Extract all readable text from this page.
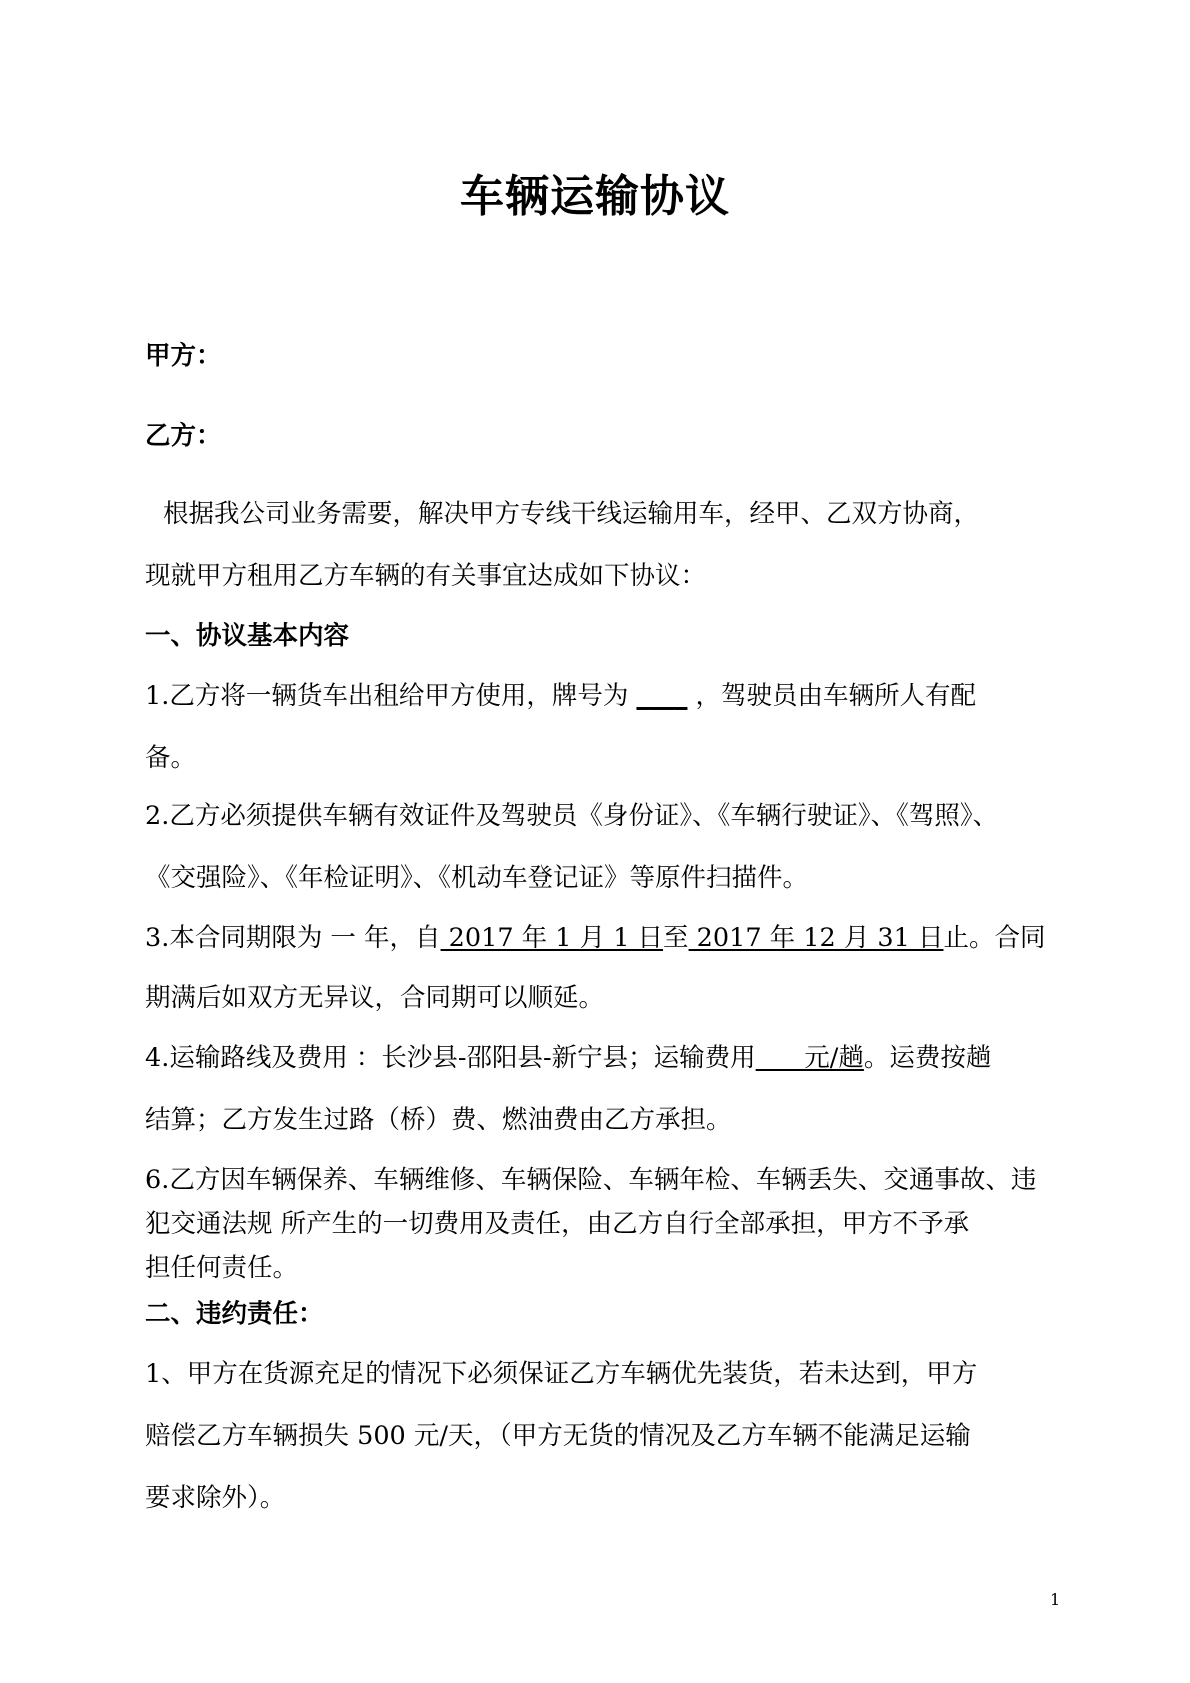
车辆运输协议
甲方：
乙方：
根据我公司业务需要，解决甲方专线干线运输用车，经甲、乙双方协商，
现就甲方租用乙方车辆的有关事宜达成如下协议：
一、协议基本内容
1.乙方将一辆货车出租给甲方使用，牌号为 ____ ，驾驶员由车辆所人有配
备。
2.乙方必须提供车辆有效证件及驾驶员《身份证》、《车辆行驶证》、《驾照》、
《交强险》、《年检证明》、《机动车登记证》等原件扫描件。
3.本合同期限为 一 年，自 2017 年 1 月 1 日至 2017 年 12 月 31 日止。合同
期满后如双方无异议，合同期可以顺延。
4.运输路线及费用 ：长沙县-邵阳县-新宁县；运输费用      元/趟。运费按趟
结算；乙方发生过路（桥）费、燃油费由乙方承担。
6.乙方因车辆保养、车辆维修、车辆保险、车辆年检、车辆丢失、交通事故、违
犯交通法规 所产生的一切费用及责任，由乙方自行全部承担，甲方不予承
担任何责任。
二、违约责任：
1、甲方在货源充足的情况下必须保证乙方车辆优先装货，若未达到，甲方
赔偿乙方车辆损失 500 元/天，（甲方无货的情况及乙方车辆不能满足运输
要求除外）。
1
